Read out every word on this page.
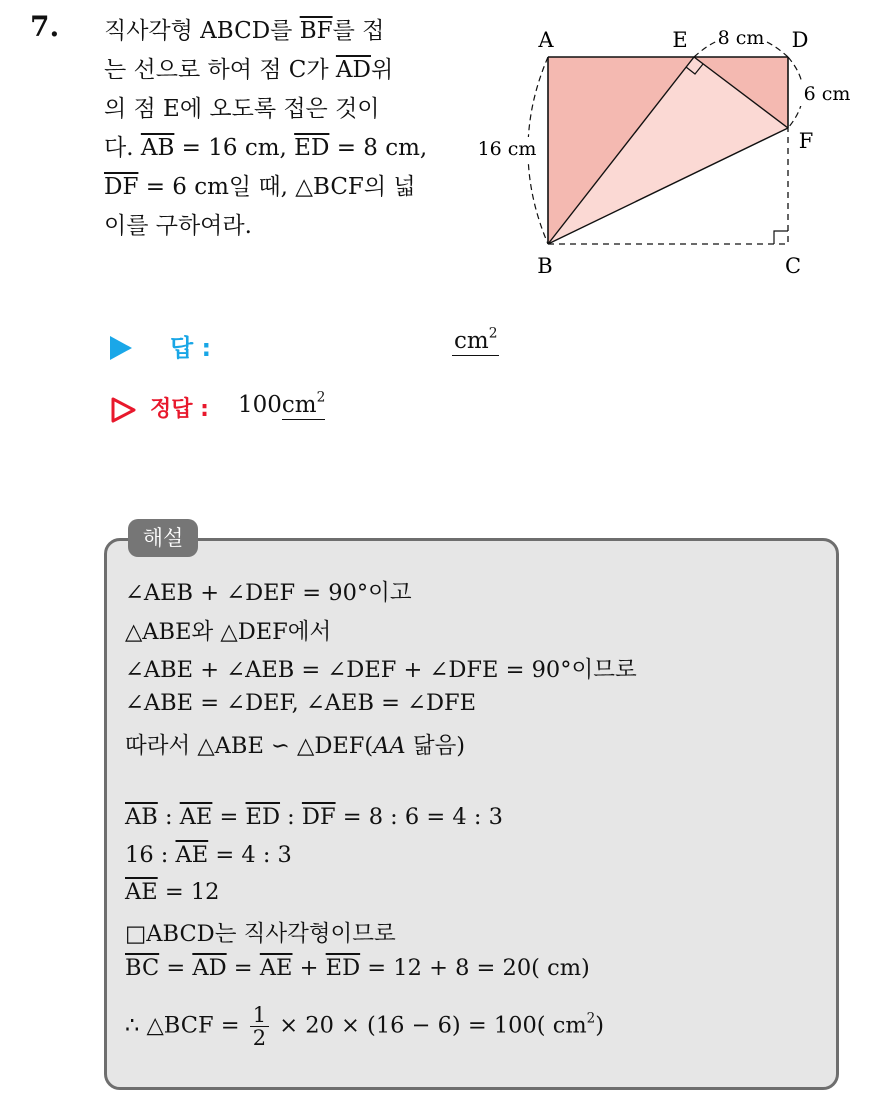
7. 직사각형 ABCD를 $\overline{BF}$를 접
는 선으로 하여 점 C가 $\overline{AD}$위
의 점 E에 오도록 접은 것이
다. $\overline{AB} = 16$ cm, $\overline{ED} = 8$ cm,
$\overline{DF} = 6$ cm일 때, △BCF의 넓
이를 구하여라.
A	E	D
F
B	C
8 cm
6 cm
16 cm
답 :	$cm^2$
정답 : $100cm^2$
해설
∠AEB + ∠DEF = 90°이고
△ABE와 △DEF에서
∠ABE + ∠AEB = ∠DEF + ∠DFE = 90°이므로
∠ABE = ∠DEF, ∠AEB = ∠DFE
따라서 △ABE ∽ △DEF(AA 닮음)
$\overline{AB}$ : $\overline{AE} = \overline{ED}$ : $\overline{DF} = 8$ : 6 = 4 : 3
16 : $\overline{AE} = 4$ : 3
$\overline{AE} = 12$
□ABCD는 직사각형이므로
$\overline{BC} = \overline{AD} = \overline{AE} + \overline{ED} = 12 + 8 = 20$( cm)
∴ △BCF = $\frac{1}{2} \times 20 \times (16 - 6) = 100$( $cm^2$)
